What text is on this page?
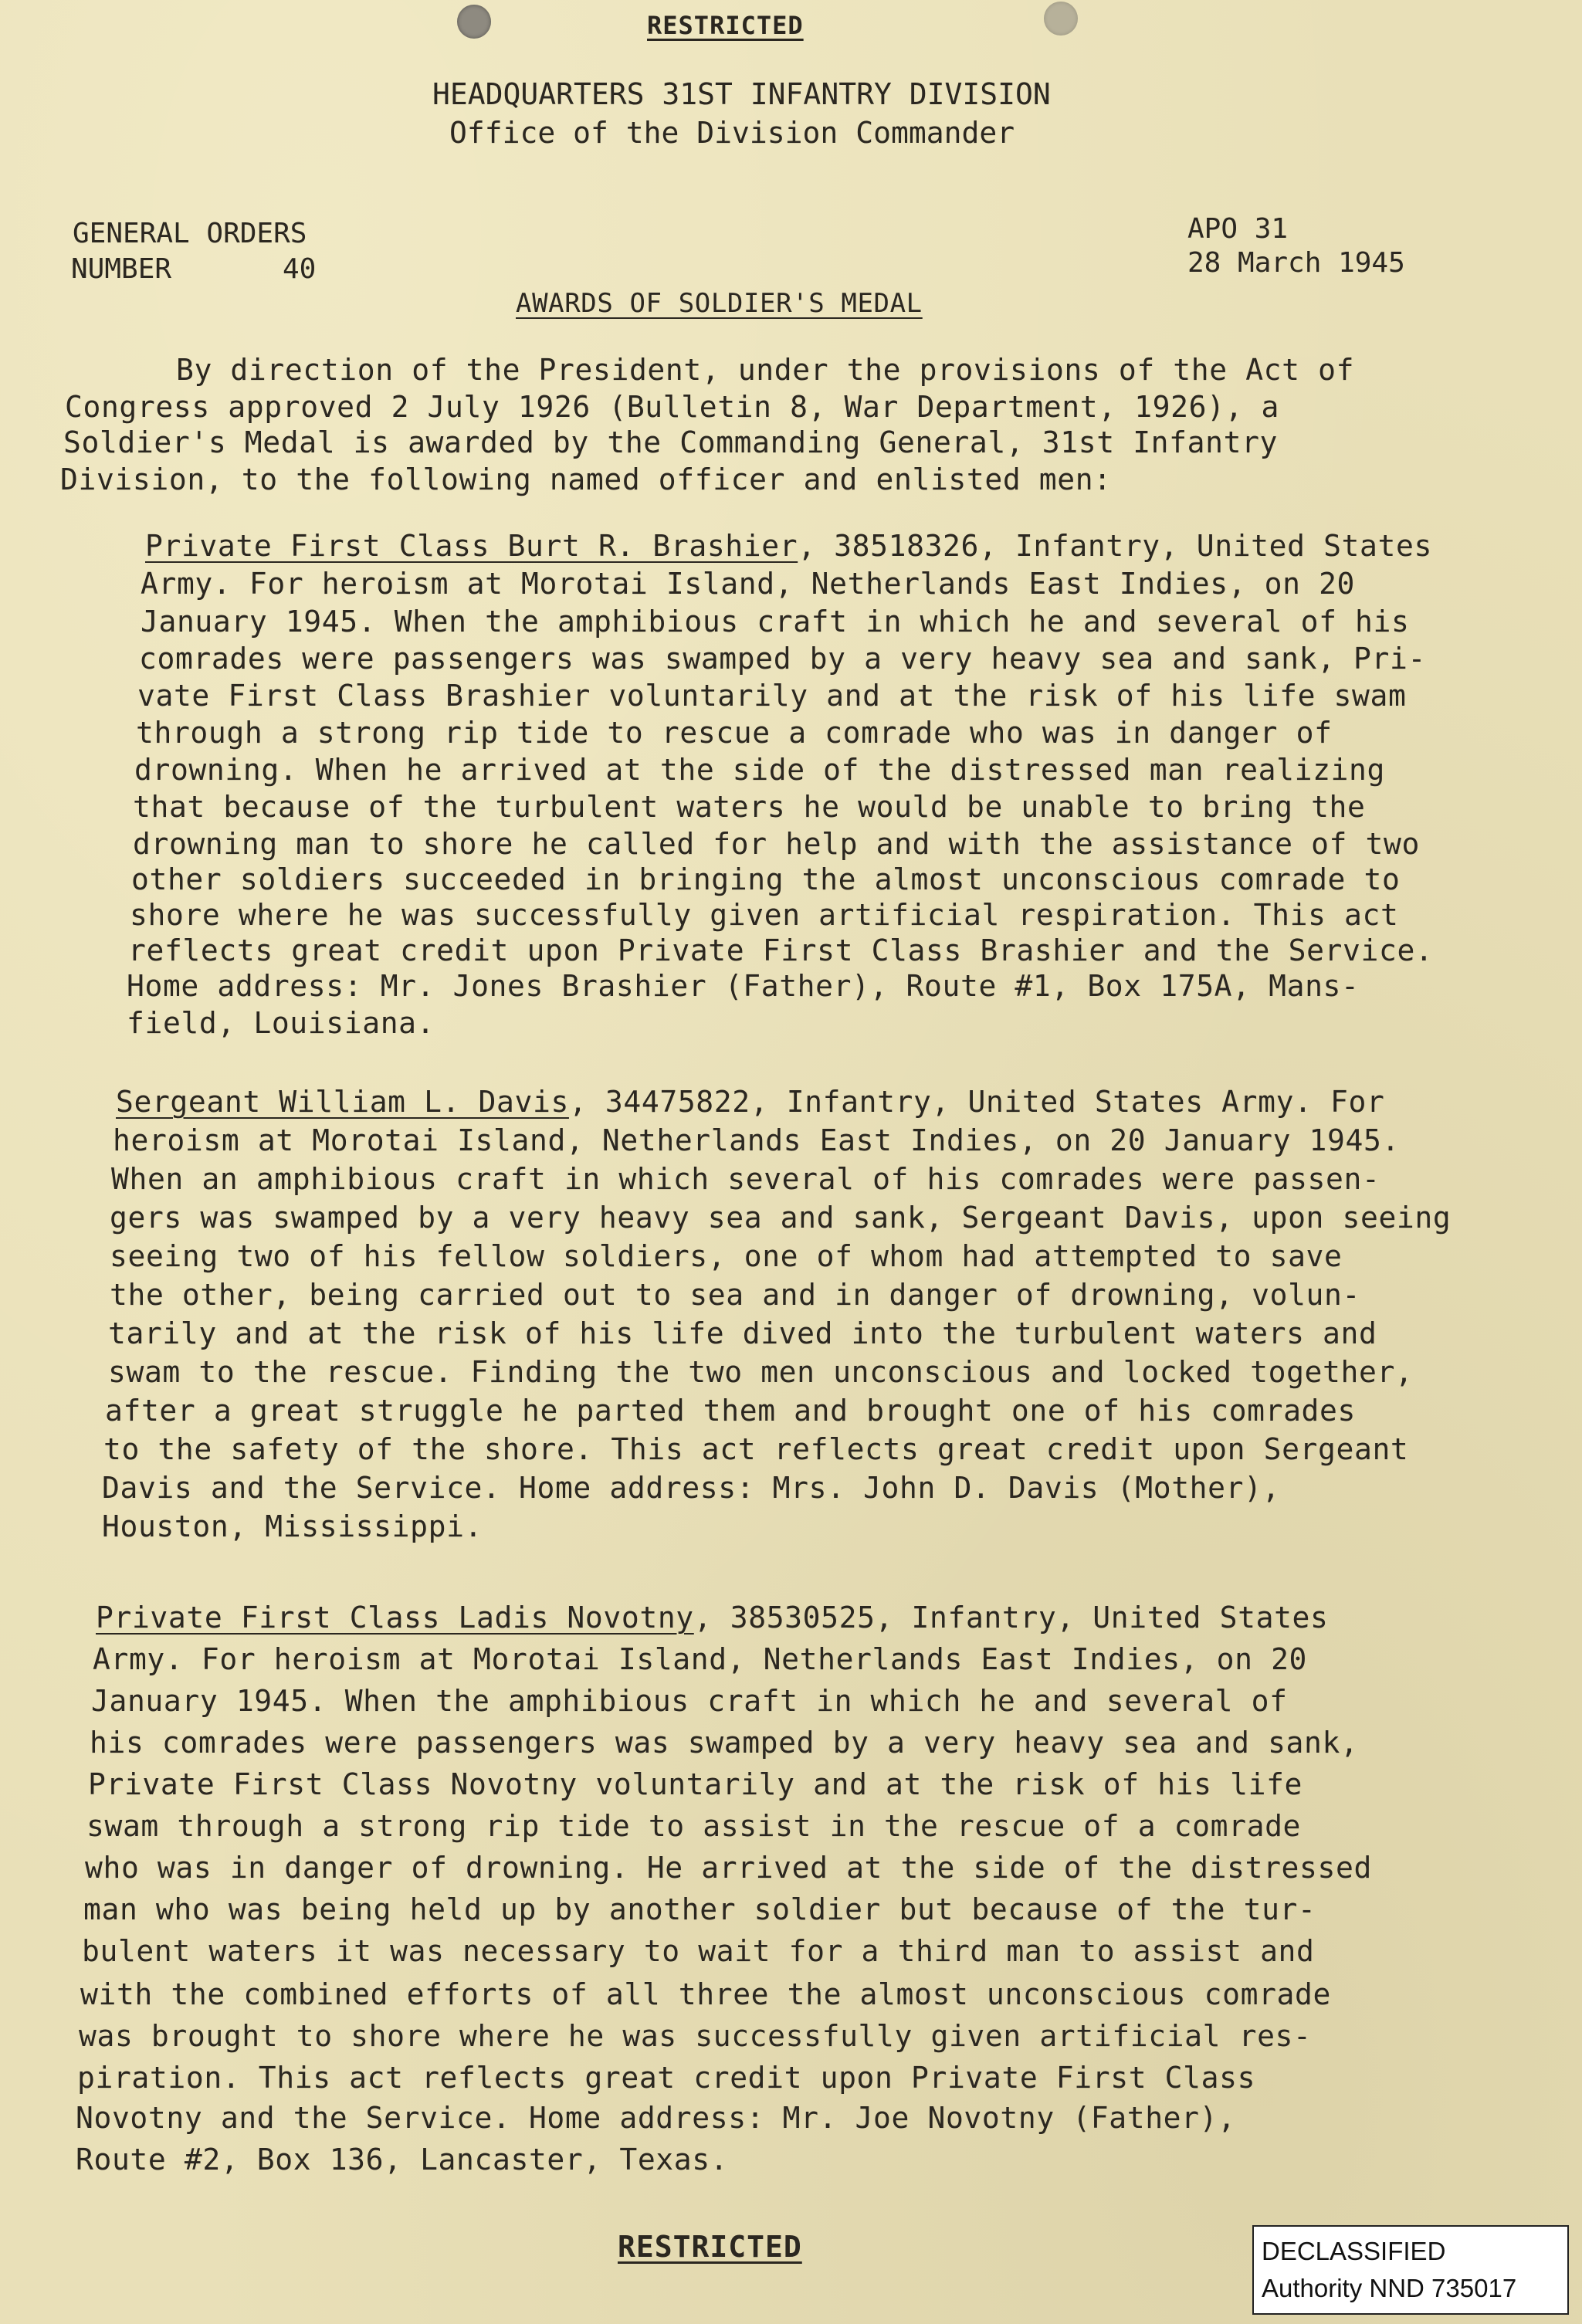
RESTRICTED
HEADQUARTERS 31ST INFANTRY DIVISION
Office of the Division Commander
GENERAL ORDERS
NUMBER	40
APO 31
28 March 1945
AWARDS OF SOLDIER'S MEDAL
By direction of the President, under the provisions of the Act of
Congress approved 2 July 1926 (Bulletin 8, War Department, 1926), a
Soldier's Medal is awarded by the Commanding General, 31st Infantry
Division, to the following named officer and enlisted men:
Private First Class Burt R. Brashier, 38518326, Infantry, United States
Army. For heroism at Morotai Island, Netherlands East Indies, on 20
January 1945. When the amphibious craft in which he and several of his
comrades were passengers was swamped by a very heavy sea and sank, Pri-
vate First Class Brashier voluntarily and at the risk of his life swam
through a strong rip tide to rescue a comrade who was in danger of
drowning. When he arrived at the side of the distressed man realizing
that because of the turbulent waters he would be unable to bring the
drowning man to shore he called for help and with the assistance of two
other soldiers succeeded in bringing the almost unconscious comrade to
shore where he was successfully given artificial respiration. This act
reflects great credit upon Private First Class Brashier and the Service.
Home address: Mr. Jones Brashier (Father), Route #1, Box 175A, Mans-
field, Louisiana.
Sergeant William L. Davis, 34475822, Infantry, United States Army. For
heroism at Morotai Island, Netherlands East Indies, on 20 January 1945.
When an amphibious craft in which several of his comrades were passen-
gers was swamped by a very heavy sea and sank, Sergeant Davis, upon seeing
seeing two of his fellow soldiers, one of whom had attempted to save
the other, being carried out to sea and in danger of drowning, volun-
tarily and at the risk of his life dived into the turbulent waters and
swam to the rescue. Finding the two men unconscious and locked together,
after a great struggle he parted them and brought one of his comrades
to the safety of the shore. This act reflects great credit upon Sergeant
Davis and the Service. Home address: Mrs. John D. Davis (Mother),
Houston, Mississippi.
Private First Class Ladis Novotny, 38530525, Infantry, United States
Army. For heroism at Morotai Island, Netherlands East Indies, on 20
January 1945. When the amphibious craft in which he and several of
his comrades were passengers was swamped by a very heavy sea and sank,
Private First Class Novotny voluntarily and at the risk of his life
swam through a strong rip tide to assist in the rescue of a comrade
who was in danger of drowning. He arrived at the side of the distressed
man who was being held up by another soldier but because of the tur-
bulent waters it was necessary to wait for a third man to assist and
with the combined efforts of all three the almost unconscious comrade
was brought to shore where he was successfully given artificial res-
piration. This act reflects great credit upon Private First Class
Novotny and the Service. Home address: Mr. Joe Novotny (Father),
Route #2, Box 136, Lancaster, Texas.
RESTRICTED	DECLASSIFIED
Authority NND 735017
